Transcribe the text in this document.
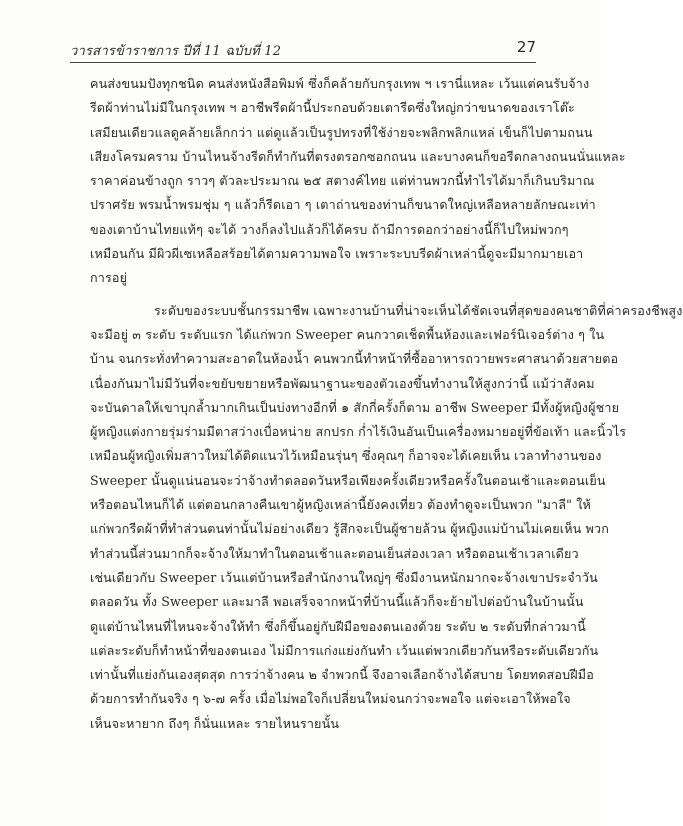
วารสารข้าราชการ ปีที่ 11 ฉบับที่ 12	27
คนส่งขนมปังทุกชนิด คนส่งหนังสือพิมพ์ ซึ่งก็คล้ายกับกรุงเทพ ฯ เรานี่แหละ เว้นแต่คนรับจ้าง
รีดผ้าท่านไม่มีในกรุงเทพ ฯ อาชีพรีดผ้านี้ประกอบด้วยเตารีดซึ่งใหญ่กว่าขนาดของเราโต๊ะ
เสมียนเดียวแลดูคล้ายเล็กกว่า แต่ดูแล้วเป็นรูปทรงที่ใช้ง่ายจะพลิกพลิกแหล่ เข็นก็ไปตามถนน
เสียงโครมคราม บ้านไหนจ้างรีดก็ทำกันที่ตรงตรอกซอกถนน และบางคนก็ขอรีดกลางถนนนั่นแหละ
ราคาค่อนข้างถูก ราวๆ ตัวละประมาณ ๒๕ สตางค์ไทย แต่ท่านพวกนี้ทำไรได้มาก็เกินบริมาณ
ปราศรัย พรมน้ำพรมชุ่ม ๆ แล้วก็รีดเอา ๆ เตาถ่านของท่านก็ขนาดใหญ่เหลือหลายลักษณะเท่า
ของเตาบ้านไทยแท้ๆ จะได้ วางก็ลงไปแล้วก็ได้ครบ ถ้ามีการดอกว่าอย่างนี้ก็ไปใหม่พวกๆ
เหมือนกัน มีผิวผีเซเหลือสร้อยได้ตามความพอใจ เพราะระบบรีดผ้าเหล่านี้ดูจะมีมากมายเอา
การอยู่
ระดับของระบบชั้นกรรมาชีพ เฉพาะงานบ้านที่น่าจะเห็นได้ชัดเจนที่สุดของคนชาติที่ค่าครองชีพสูง
จะมีอยู่ ๓ ระดับ ระดับแรก ได้แก่พวก Sweeper คนกวาดเช็ดพื้นห้องและเฟอร์นิเจอร์ต่าง ๆ ใน
บ้าน จนกระทั่งทำความสะอาดในห้องน้ำ คนพวกนี้ทำหน้าที่ซื้ออาหารถวายพระศาสนาด้วยสายตอ
เนื่องกันมาไม่มีวันที่จะขยับขยายหรือพัฒนาฐานะของตัวเองขึ้นทำงานให้สูงกว่านี้ แม้ว่าสังคม
จะบันดาลให้เขาบุกล้ำมากเกินเป็นบ่งทางอีกที่ ๑ สักกี่ครั้งก็ตาม อาชีพ Sweeper มีทั้งผู้หญิงผู้ชาย
ผู้หญิงแต่งกายรุ่มร่ามมีตาสว่างเบื่อหน่าย สกปรก ก่ำไร้เงินอันเป็นเครื่องหมายอยู่ที่ข้อเท้า และนิ้วไร
เหมือนผู้หญิงเพิ่มสาวใหม่ได้ติดแนวไว้เหมือนรุ่นๆ ซึ่งคุณๆ ก็อาจจะได้เคยเห็น เวลาทำงานของ
Sweeper นั้นดูแน่นอนจะว่าจ้างทำตลอดวันหรือเพียงครั้งเดียวหรือครั้งในตอนเช้าและตอนเย็น
หรือตอนไหนก็ได้ แต่ตอนกลางคืนเขาผู้หญิงเหล่านี้ยังคงเที่ยว ต้องทำดูจะเป็นพวก "มาลี" ให้
แก่พวกรีดผ้าที่ทำส่วนตนท่านั้นไม่อย่างเดียว รู้สึกจะเป็นผู้ชายล้วน ผู้หญิงแม่บ้านไม่เคยเห็น พวก
ทำส่วนนี้ส่วนมากก็จะจ้างให้มาทำในตอนเช้าและตอนเย็นส่องเวลา หรือตอนเช้าเวลาเดียว
เช่นเดียวกับ Sweeper เว้นแต่บ้านหรือสำนักงานใหญ่ๆ ซึ่งมีงานหนักมากจะจ้างเขาประจำวัน
ตลอดวัน ทั้ง Sweeper และมาลี พอเสร็จจากหน้าที่บ้านนี้แล้วก็จะย้ายไปต่อบ้านในบ้านนั้น
ดูแต่บ้านไหนที่ไหนจะจ้างให้ทำ ซึ่งก็ขึ้นอยู่กับฝีมือของตนเองด้วย ระดับ ๒ ระดับที่กล่าวมานี้
แต่ละระดับก็ทำหน้าที่ของตนเอง ไม่มีการแก่งแย่งกันทำ เว้นแต่พวกเดียวกันหรือระดับเดียวกัน
เท่านั้นที่แย่งกันเองสุดสุด การว่าจ้างคน ๒ จำพวกนี้ จึงอาจเลือกจ้างได้สบาย โดยทดสอบฝีมือ
ด้วยการทำกันจริง ๆ ๖-๗ ครั้ง เมื่อไม่พอใจก็เปลี่ยนใหม่จนกว่าจะพอใจ แต่จะเอาให้พอใจ
เห็นจะหายาก ถึงๆ ก็นั่นแหละ รายไหนรายนั้น
